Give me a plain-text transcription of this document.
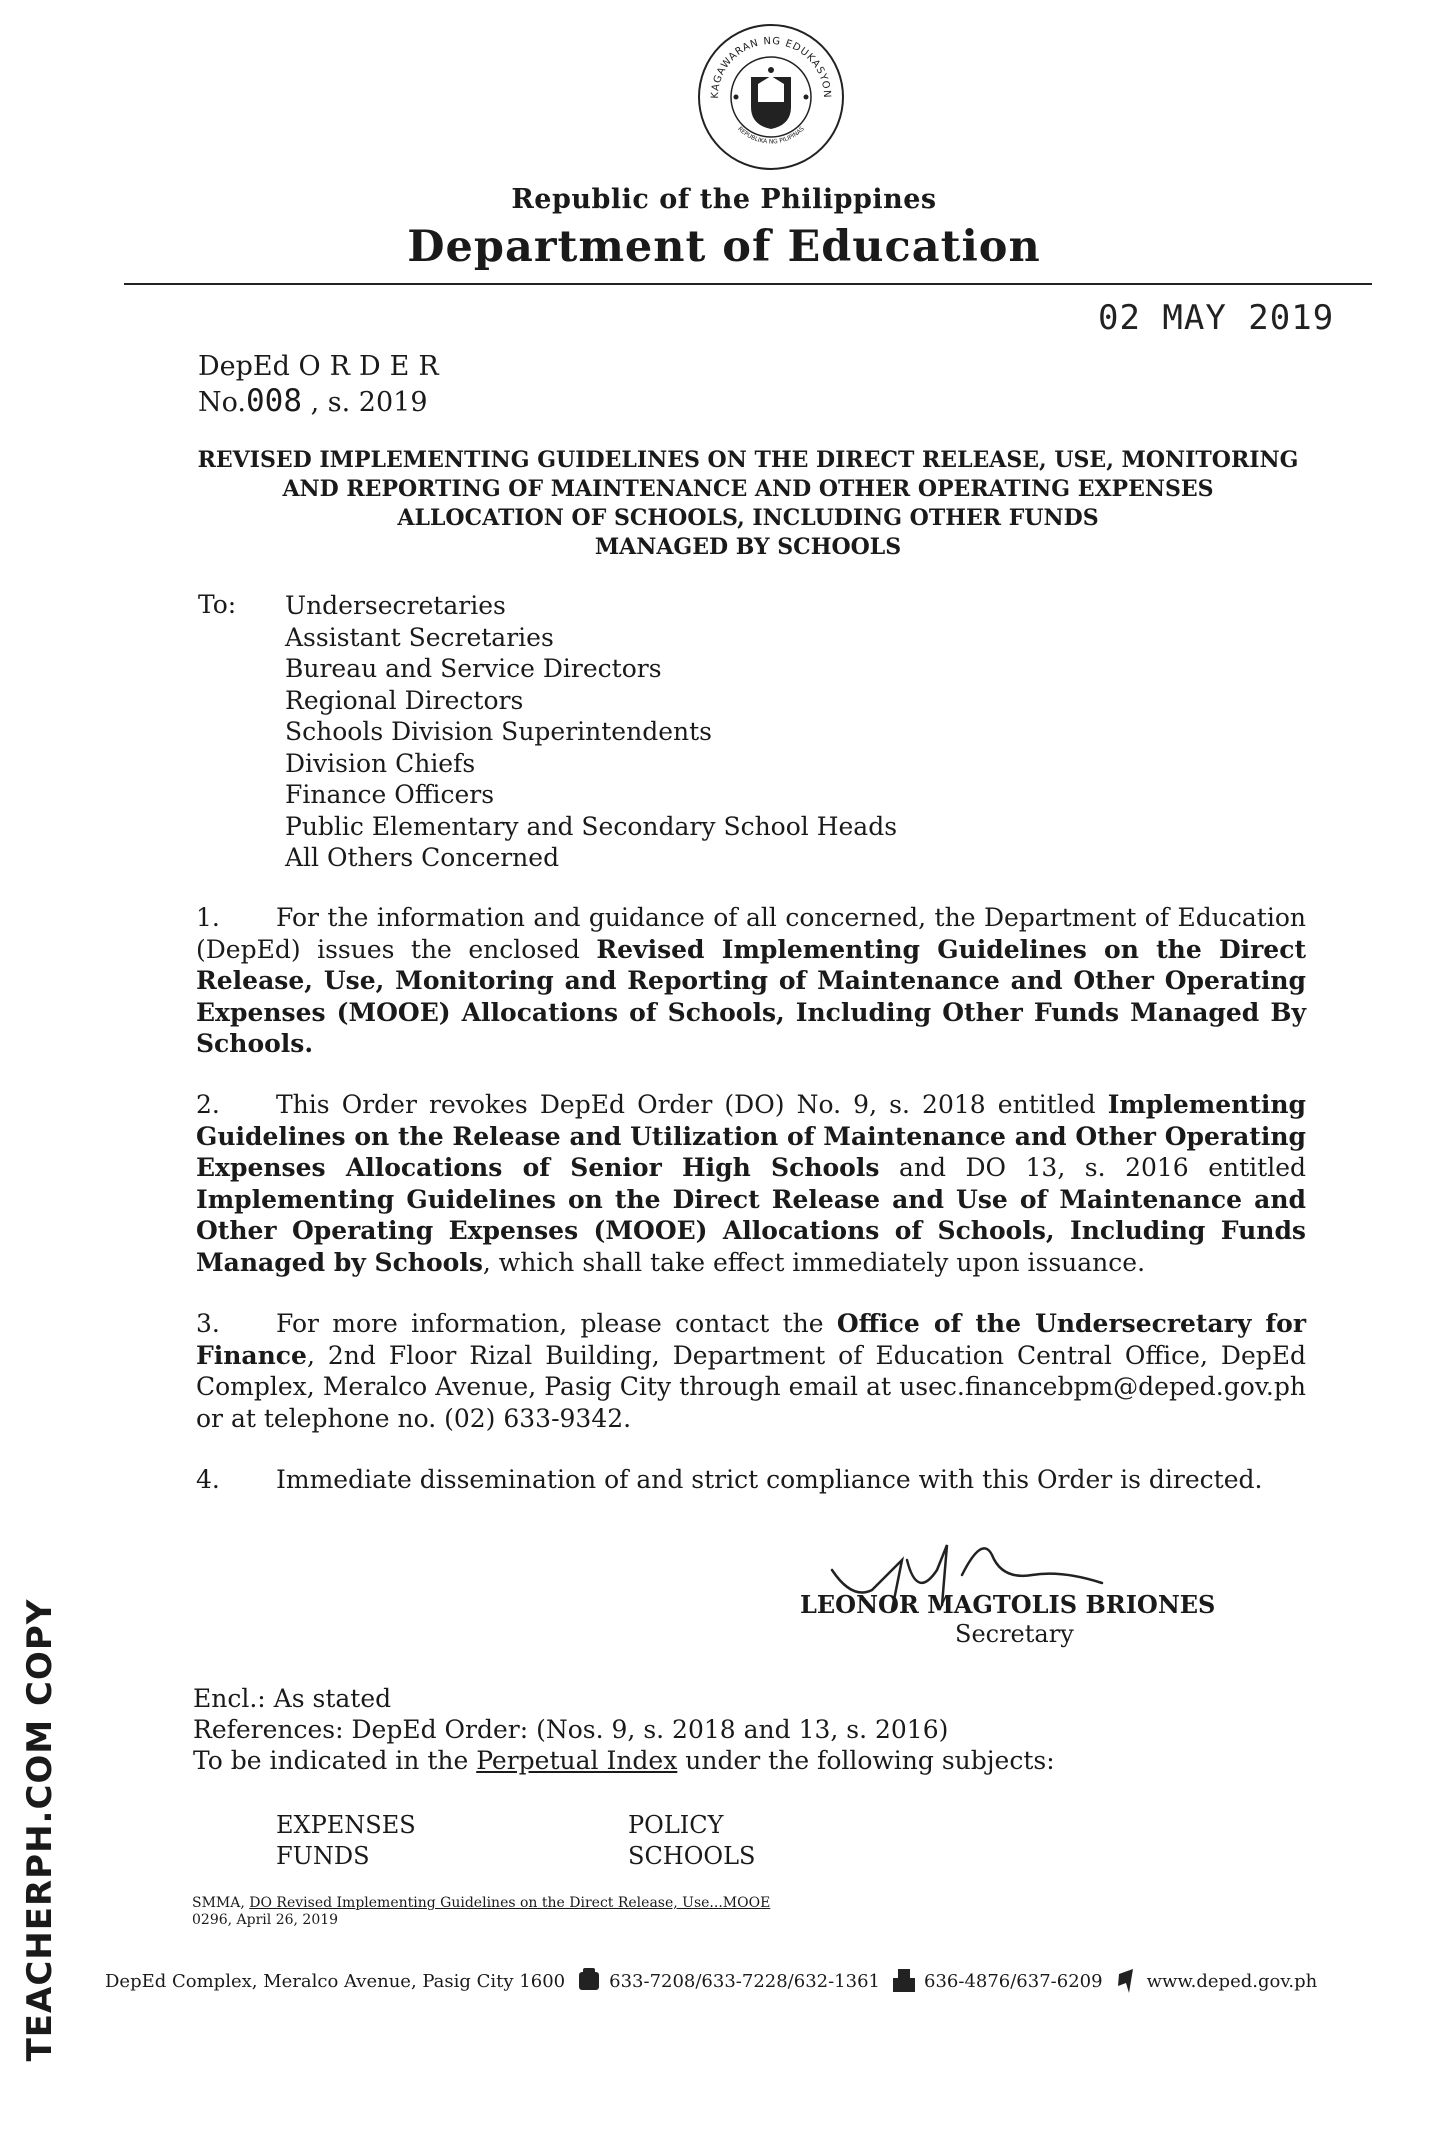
KAGAWARAN NG EDUKASYON
REPUBLIKA NG PILIPINAS
Republic of the Philippines
Department of Education
02 MAY 2019
DepEd ORDER
No.008 , s. 2019
REVISED IMPLEMENTING GUIDELINES ON THE DIRECT RELEASE, USE, MONITORING
AND REPORTING OF MAINTENANCE AND OTHER OPERATING EXPENSES
ALLOCATION OF SCHOOLS, INCLUDING OTHER FUNDS
MANAGED BY SCHOOLS
To: Undersecretaries
Assistant Secretaries
Bureau and Service Directors
Regional Directors
Schools Division Superintendents
Division Chiefs
Finance Officers
Public Elementary and Secondary School Heads
All Others Concerned
1. For the information and guidance of all concerned, the Department of Education (DepEd) issues the enclosed Revised Implementing Guidelines on the Direct Release, Use, Monitoring and Reporting of Maintenance and Other Operating Expenses (MOOE) Allocations of Schools, Including Other Funds Managed By Schools.
2. This Order revokes DepEd Order (DO) No. 9, s. 2018 entitled Implementing Guidelines on the Release and Utilization of Maintenance and Other Operating Expenses Allocations of Senior High Schools and DO 13, s. 2016 entitled Implementing Guidelines on the Direct Release and Use of Maintenance and Other Operating Expenses (MOOE) Allocations of Schools, Including Funds Managed by Schools, which shall take effect immediately upon issuance.
3. For more information, please contact the Office of the Undersecretary for Finance, 2nd Floor Rizal Building, Department of Education Central Office, DepEd Complex, Meralco Avenue, Pasig City through email at usec.financebpm@deped.gov.ph or at telephone no. (02) 633-9342.
4. Immediate dissemination of and strict compliance with this Order is directed.
LEONOR MAGTOLIS BRIONES
Secretary
Encl.: As stated
References: DepEd Order: (Nos. 9, s. 2018 and 13, s. 2016)
To be indicated in the Perpetual Index under the following subjects:
EXPENSES
FUNDS
POLICY
SCHOOLS
SMMA, DO Revised Implementing Guidelines on the Direct Release, Use...MOOE
0296, April 26, 2019
DepEd Complex, Meralco Avenue, Pasig City 1600 633-7208/633-7228/632-1361 636-4876/637-6209 www.deped.gov.ph
TEACHERPH.COM COPY
